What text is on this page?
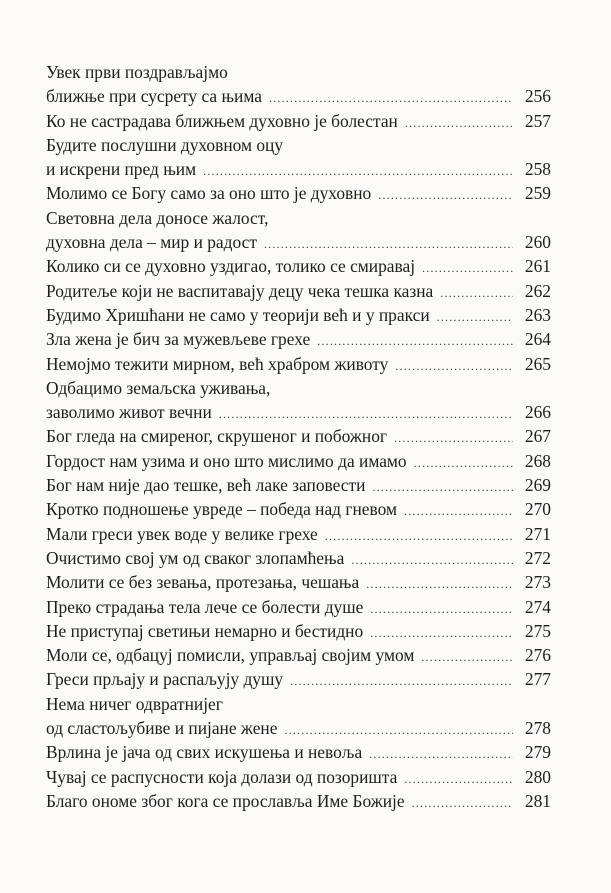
Увек први поздрављајмо
ближње при сусрету са њима .....	256
Ко не састрадава ближњем духовно је болестан .....	257
Будите послушни духовном оцу
и искрени пред њим .....	258
Молимо се Богу само за оно што је духовно .....	259
Световна дела доносе жалост,
духовна дела – мир и радост .....	260
Колико си се духовно уздигао, толико се смиравај .....	261
Родитеље који не васпитавају децу чека тешка казна .....	262
Будимо Хришћани не само у теорији већ и у пракси .....	263
Зла жена је бич за мужевљеве грехе .....	264
Немојмо тежити мирном, већ храбром животу .....	265
Одбацимо земаљска уживања,
заволимо живот вечни .....	266
Бог гледа на смиреног, скрушеног и побожног .....	267
Гордост нам узима и оно што мислимо да имамо .....	268
Бог нам није дао тешке, већ лаке заповести .....	269
Кротко подношење увреде – победа над гневом .....	270
Мали греси увек воде у велике грехе .....	271
Очистимо свој ум од сваког злопамћења .....	272
Молити се без зевања, протезања, чешања .....	273
Преко страдања тела лече се болести душе .....	274
Не приступај светињи немарно и бестидно .....	275
Моли се, одбацуј помисли, управљај својим умом .....	276
Греси прљају и распаљују душу .....	277
Нема ничег одвратнијег
од сластољубиве и пијане жене .....	278
Врлина је јача од свих искушења и невоља .....	279
Чувај се распусности која долази од позоришта .....	280
Благо ономе због кога се прославља Име Божије .....	281
